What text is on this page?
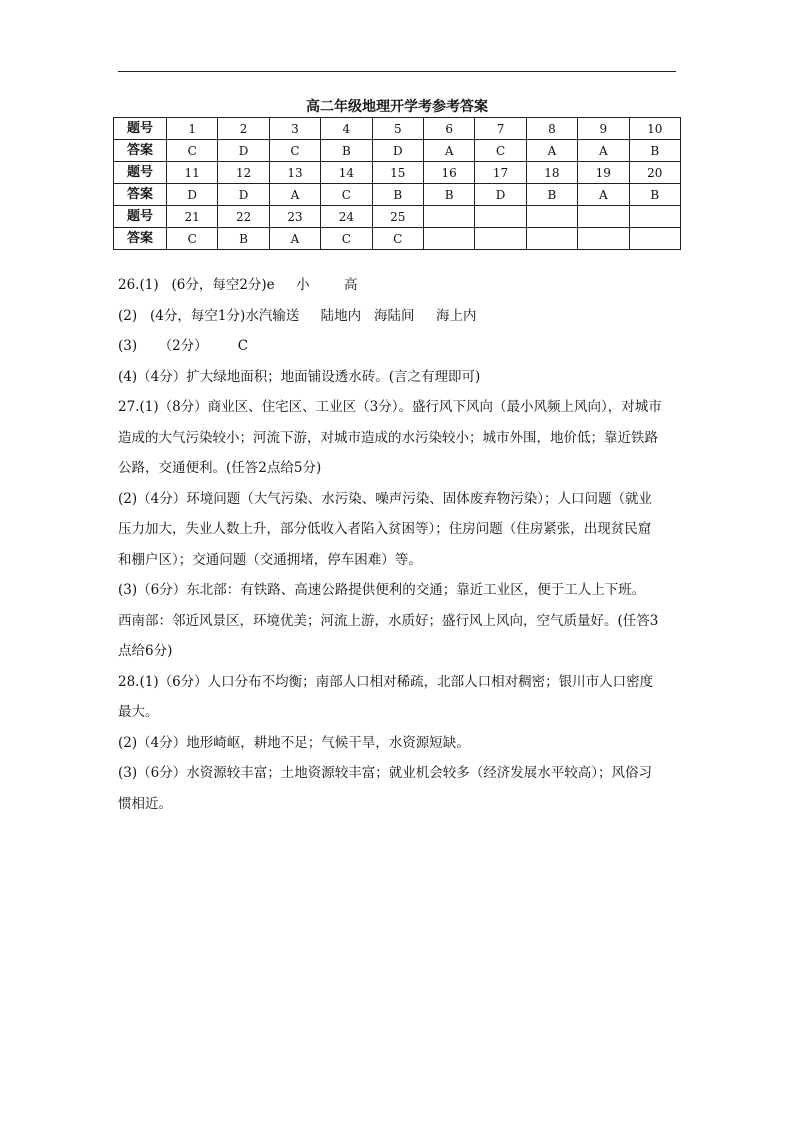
高二年级地理开学考参考答案
题号	1	2	3	4	5	6	7	8	9	10
答案	C	D	C	B	D	A	C	A	A	B
题号	11	12	13	14	15	16	17	18	19	20
答案	D	D	A	C	B	B	D	B	A	B
题号	21	22	23	24	25					
答案	C	B	A	C	C					

26.(1)   (6分，每空2分)e     小        高

(2)   (4分，每空1分)水汽输送     陆地内   海陆间     海上内

(3)     （2分）       C

(4)（4分）扩大绿地面积；地面铺设透水砖。(言之有理即可)

27.(1)（8分）商业区、住宅区、工业区（3分）。盛行风下风向（最小风频上风向），对城市

造成的大气污染较小；河流下游，对城市造成的水污染较小；城市外围，地价低；靠近铁路

公路，交通便利。(任答2点给5分)

(2)（4分）环境问题（大气污染、水污染、噪声污染、固体废弃物污染）；人口问题（就业

压力加大，失业人数上升，部分低收入者陷入贫困等）；住房问题（住房紧张，出现贫民窟

和棚户区）；交通问题（交通拥堵，停车困难）等。

(3)（6分）东北部：有铁路、高速公路提供便利的交通；靠近工业区，便于工人上下班。

西南部：邻近风景区，环境优美；河流上游，水质好；盛行风上风向，空气质量好。(任答3

点给6分)

28.(1)（6分）人口分布不均衡；南部人口相对稀疏，北部人口相对稠密；银川市人口密度

最大。

(2)（4分）地形崎岖，耕地不足；气候干旱，水资源短缺。

(3)（6分）水资源较丰富；土地资源较丰富；就业机会较多（经济发展水平较高）；风俗习

惯相近。
